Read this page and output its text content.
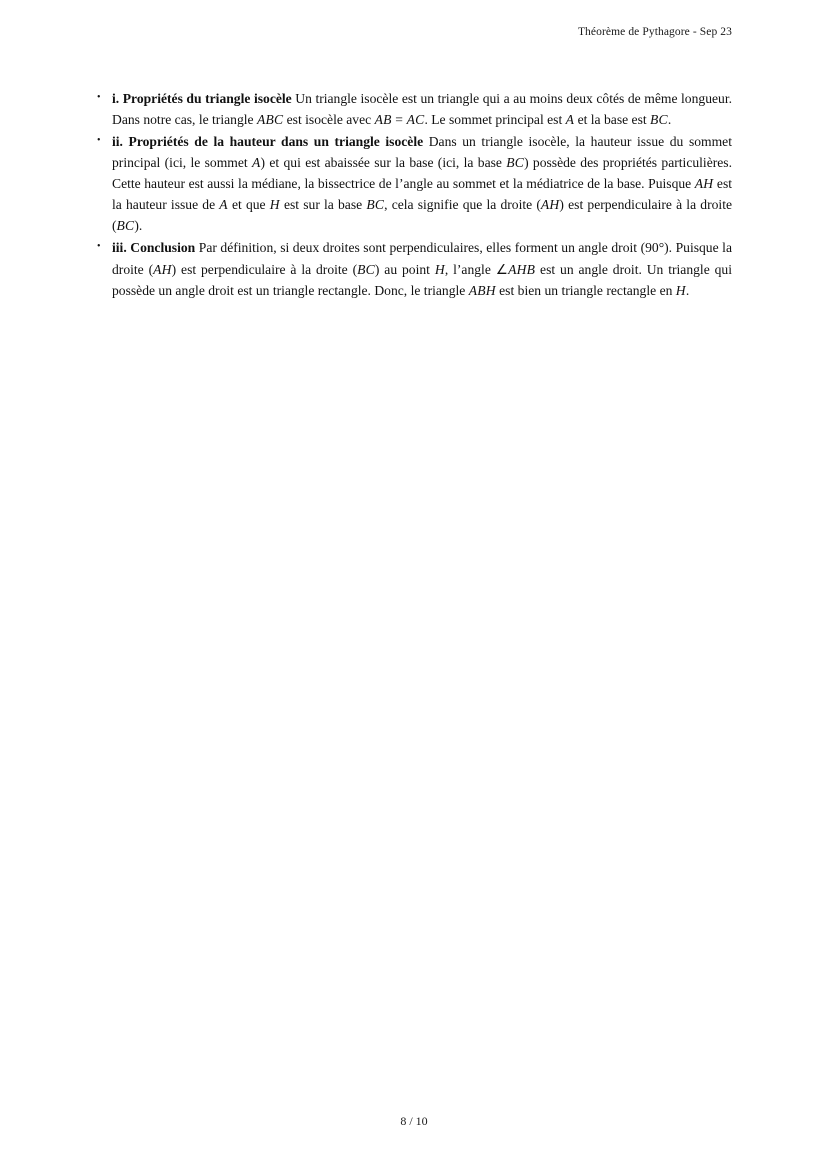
Théorème de Pythagore - Sep 23
• i. Propriétés du triangle isocèle Un triangle isocèle est un triangle qui a au moins deux côtés de même longueur. Dans notre cas, le triangle ABC est isocèle avec AB = AC. Le sommet principal est A et la base est BC.
• ii. Propriétés de la hauteur dans un triangle isocèle Dans un triangle isocèle, la hauteur issue du sommet principal (ici, le sommet A) et qui est abaissée sur la base (ici, la base BC) possède des propriétés particulières. Cette hauteur est aussi la médiane, la bissectrice de l’angle au sommet et la médiatrice de la base. Puisque AH est la hauteur issue de A et que H est sur la base BC, cela signifie que la droite (AH) est perpendiculaire à la droite (BC).
• iii. Conclusion Par définition, si deux droites sont perpendiculaires, elles forment un angle droit (90°). Puisque la droite (AH) est perpendiculaire à la droite (BC) au point H, l’angle ∠AHB est un angle droit. Un triangle qui possède un angle droit est un triangle rectangle. Donc, le triangle ABH est bien un triangle rectangle en H.
8 / 10
